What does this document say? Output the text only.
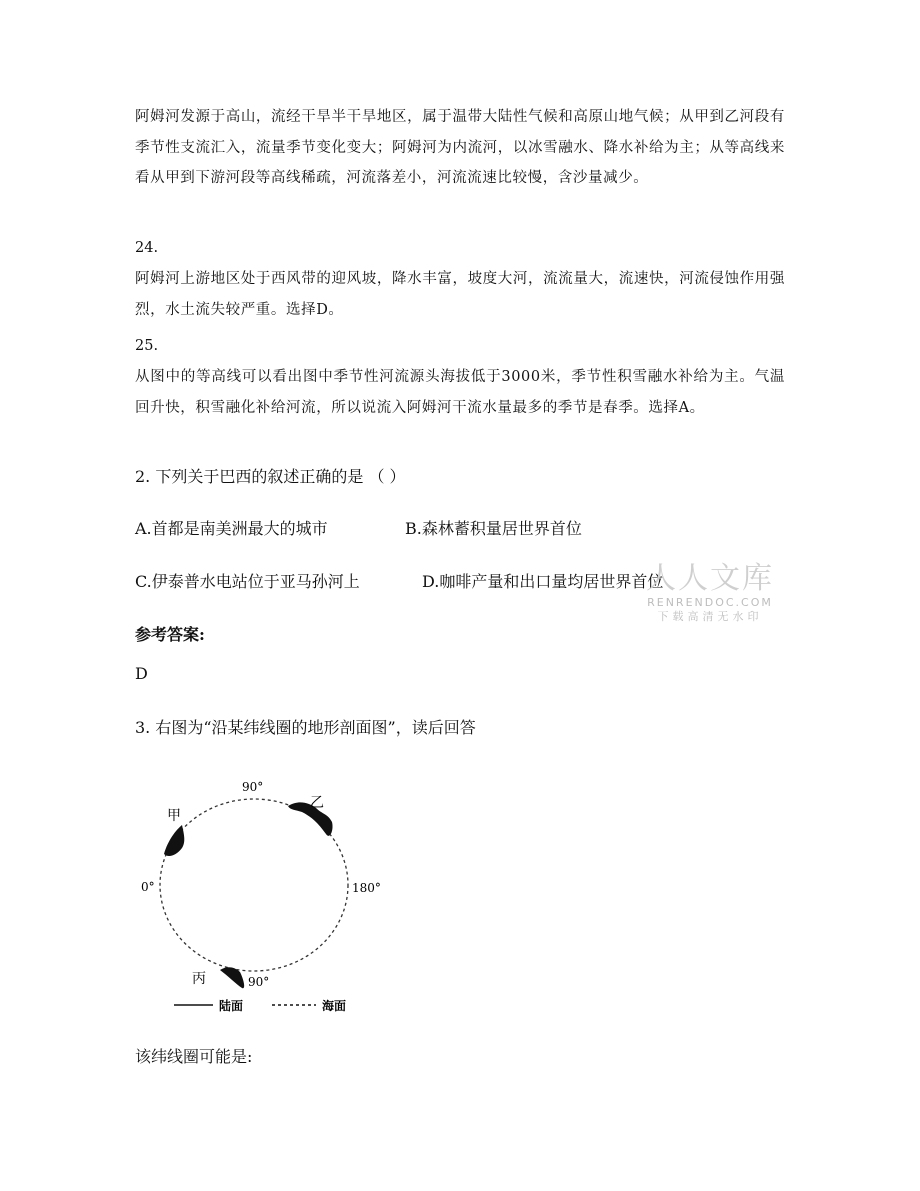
阿姆河发源于高山，流经干旱半干旱地区，属于温带大陆性气候和高原山地气候；从甲到乙河段有季节性支流汇入，流量季节变化变大；阿姆河为内流河，以冰雪融水、降水补给为主；从等高线来看从甲到下游河段等高线稀疏，河流落差小，河流流速比较慢，含沙量减少。
24.
阿姆河上游地区处于西风带的迎风坡，降水丰富，坡度大河，流流量大，流速快，河流侵蚀作用强烈，水土流失较严重。选择D。
25.
从图中的等高线可以看出图中季节性河流源头海拔低于3000米，季节性积雪融水补给为主。气温回升快，积雪融化补给河流，所以说流入阿姆河干流水量最多的季节是春季。选择A。
2. 下列关于巴西的叙述正确的是 （ ）
A.首都是南美洲最大的城市	B.森林蓄积量居世界首位
C.伊泰普水电站位于亚马孙河上	D.咖啡产量和出口量均居世界首位
人人文库
RENRENDOC.COM
下载高清无水印
参考答案:
D
3. 右图为“沿某纬线圈的地形剖面图”，读后回答
90°
乙
甲
0°	180°
丙	90°
陆面	海面
该纬线圈可能是:
